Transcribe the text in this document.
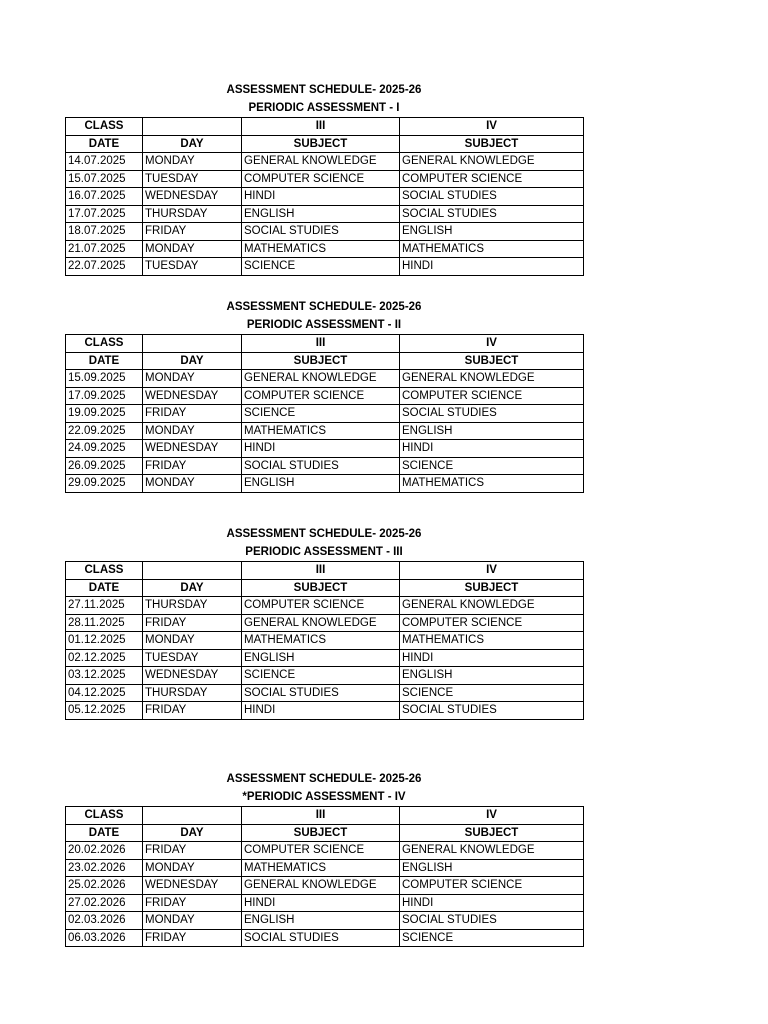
ASSESSMENT SCHEDULE- 2025-26
PERIODIC ASSESSMENT - I
CLASS		III	IV
DATE	DAY	SUBJECT	SUBJECT
14.07.2025	MONDAY	GENERAL KNOWLEDGE	GENERAL KNOWLEDGE
15.07.2025	TUESDAY	COMPUTER SCIENCE	COMPUTER SCIENCE
16.07.2025	WEDNESDAY	HINDI	SOCIAL STUDIES
17.07.2025	THURSDAY	ENGLISH	SOCIAL STUDIES
18.07.2025	FRIDAY	SOCIAL STUDIES	ENGLISH
21.07.2025	MONDAY	MATHEMATICS	MATHEMATICS
22.07.2025	TUESDAY	SCIENCE	HINDI
ASSESSMENT SCHEDULE- 2025-26
PERIODIC ASSESSMENT - II
CLASS		III	IV
DATE	DAY	SUBJECT	SUBJECT
15.09.2025	MONDAY	GENERAL KNOWLEDGE	GENERAL KNOWLEDGE
17.09.2025	WEDNESDAY	COMPUTER SCIENCE	COMPUTER SCIENCE
19.09.2025	FRIDAY	SCIENCE	SOCIAL STUDIES
22.09.2025	MONDAY	MATHEMATICS	ENGLISH
24.09.2025	WEDNESDAY	HINDI	HINDI
26.09.2025	FRIDAY	SOCIAL STUDIES	SCIENCE
29.09.2025	MONDAY	ENGLISH	MATHEMATICS
ASSESSMENT SCHEDULE- 2025-26
PERIODIC ASSESSMENT - III
CLASS		III	IV
DATE	DAY	SUBJECT	SUBJECT
27.11.2025	THURSDAY	COMPUTER SCIENCE	GENERAL KNOWLEDGE
28.11.2025	FRIDAY	GENERAL KNOWLEDGE	COMPUTER SCIENCE
01.12.2025	MONDAY	MATHEMATICS	MATHEMATICS
02.12.2025	TUESDAY	ENGLISH	HINDI
03.12.2025	WEDNESDAY	SCIENCE	ENGLISH
04.12.2025	THURSDAY	SOCIAL STUDIES	SCIENCE
05.12.2025	FRIDAY	HINDI	SOCIAL STUDIES
ASSESSMENT SCHEDULE- 2025-26
*PERIODIC ASSESSMENT - IV
CLASS		III	IV
DATE	DAY	SUBJECT	SUBJECT
20.02.2026	FRIDAY	COMPUTER SCIENCE	GENERAL KNOWLEDGE
23.02.2026	MONDAY	MATHEMATICS	ENGLISH
25.02.2026	WEDNESDAY	GENERAL KNOWLEDGE	COMPUTER SCIENCE
27.02.2026	FRIDAY	HINDI	HINDI
02.03.2026	MONDAY	ENGLISH	SOCIAL STUDIES
06.03.2026	FRIDAY	SOCIAL STUDIES	SCIENCE
